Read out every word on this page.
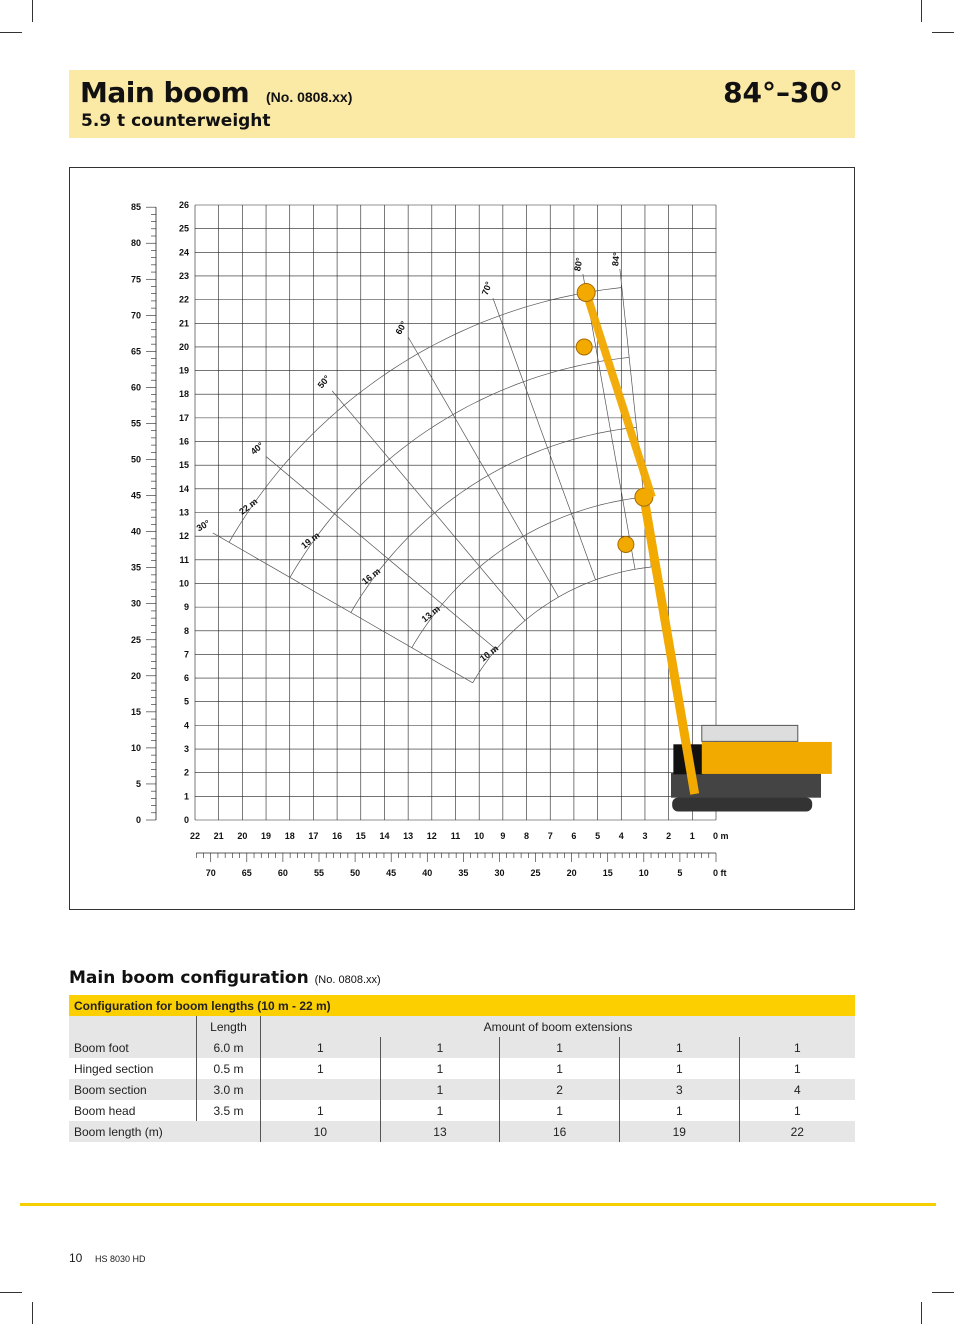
Main boom (No. 0808.xx)
5.9 t counterweight
84°–30°
0
1
2
3
4
5
6
7
8
9
10
11
12
13
14
15
16
17
18
19
20
21
22
23
24
25
26
0
5
10
15
20
25
30
35
40
45
50
55
60
65
70
75
80
85
22 21 20 19 18 17 16 15 14 13 12 11 10 9 8 7 6 5 4 3 2 1 0 m
70	65	60	55	50	45	40	35	30	25	20	15	10	5	0 ft
10 m
13 m
16 m
19 m
22 m
84°
80°
70°
60°
50°
40°
30°
Main boom configuration (No. 0808.xx)
Configuration for boom lengths (10 m - 22 m)						
	Length	Amount of boom extensions				
Boom foot	6.0 m	1	1	1	1	1
Hinged section	0.5 m	1	1	1	1	1
Boom section	3.0 m		1	2	3	4
Boom head	3.5 m	1	1	1	1	1
Boom length (m)		10	13	16	19	22
10 HS 8030 HD
